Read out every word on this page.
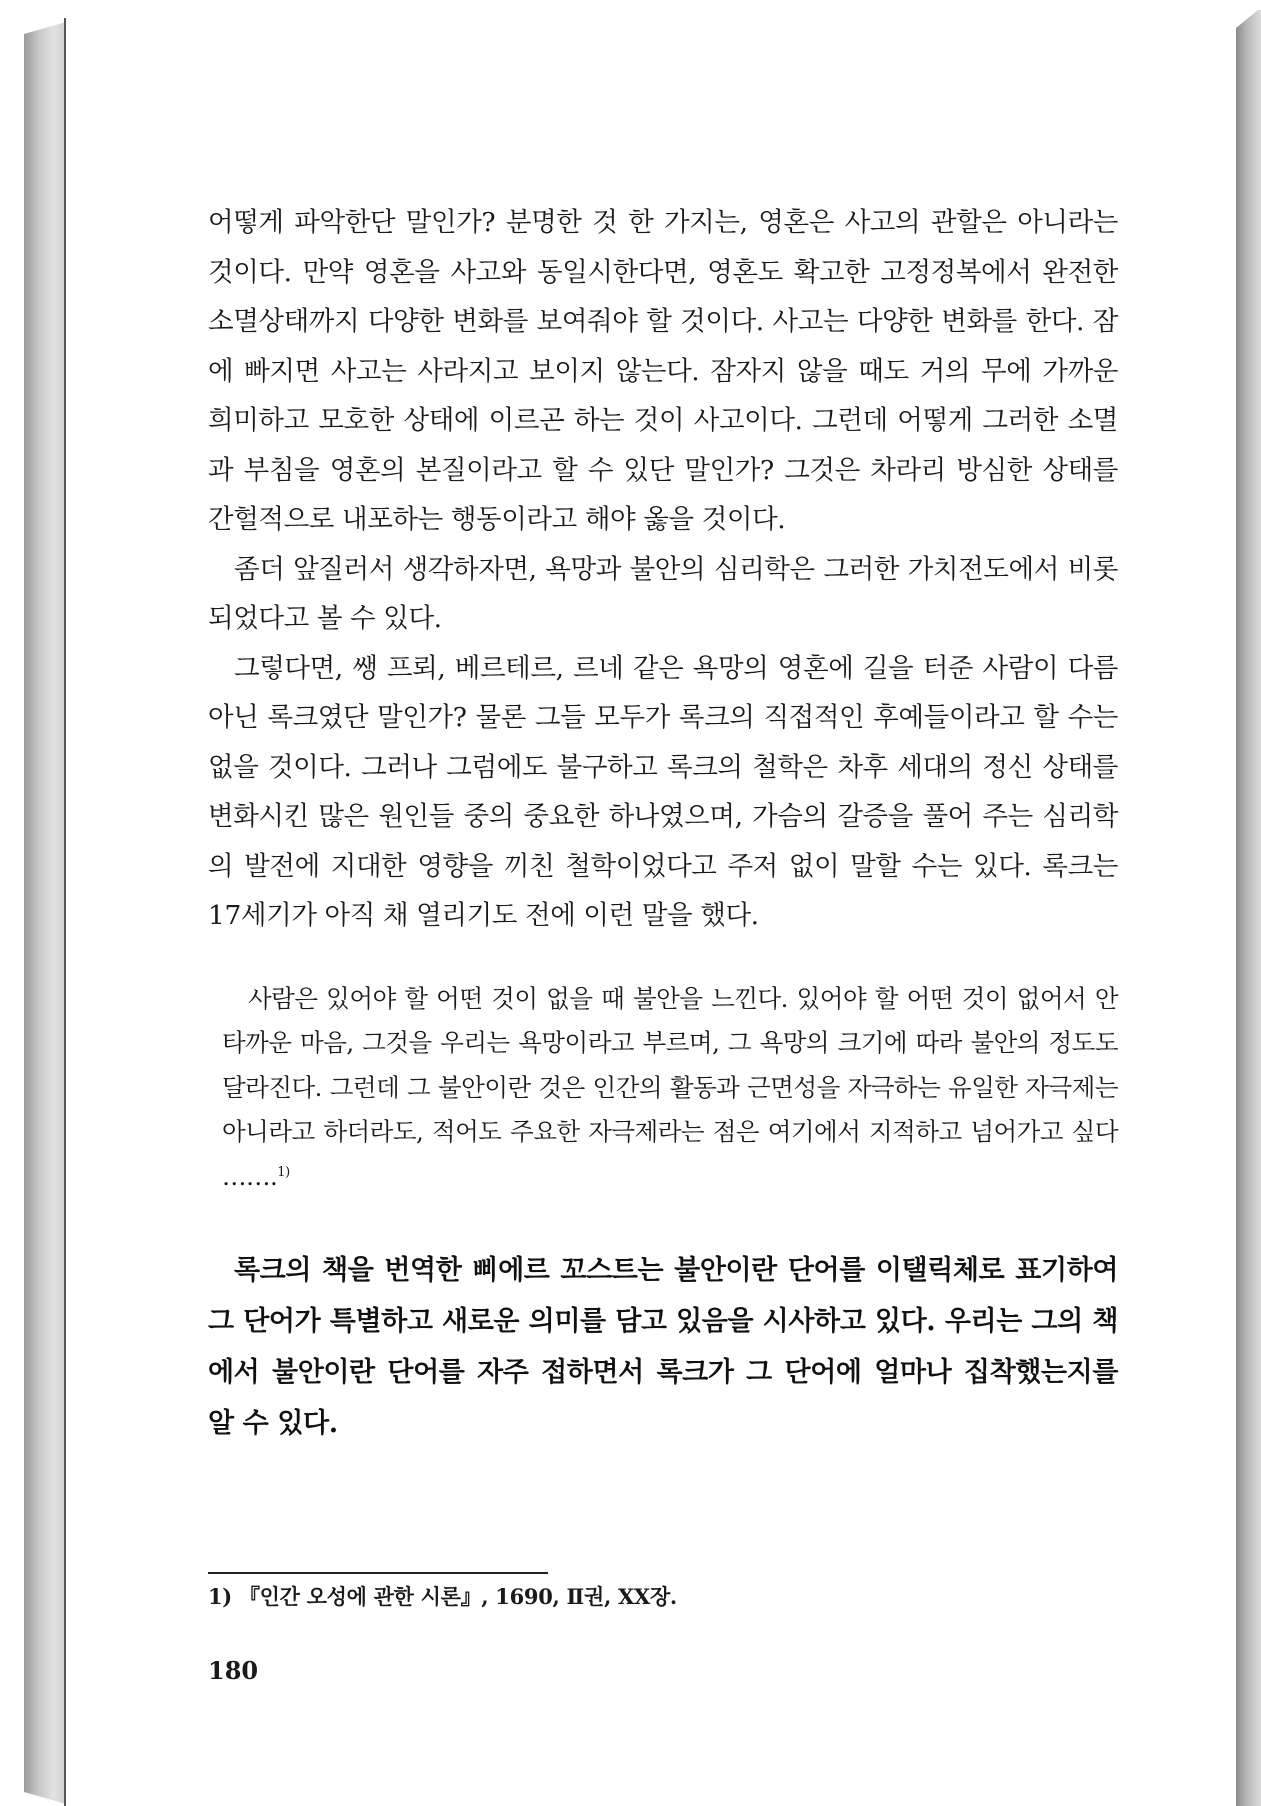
어떻게 파악한단 말인가? 분명한 것 한 가지는, 영혼은 사고의 관할은 아니라는 것이다. 만약 영혼을 사고와 동일시한다면, 영혼도 확고한 고정정복에서 완전한 소멸상태까지 다양한 변화를 보여줘야 할 것이다. 사고는 다양한 변화를 한다. 잠에 빠지면 사고는 사라지고 보이지 않는다. 잠자지 않을 때도 거의 무에 가까운 희미하고 모호한 상태에 이르곤 하는 것이 사고이다. 그런데 어떻게 그러한 소멸과 부침을 영혼의 본질이라고 할 수 있단 말인가? 그것은 차라리 방심한 상태를 간헐적으로 내포하는 행동이라고 해야 옳을 것이다.

좀더 앞질러서 생각하자면, 욕망과 불안의 심리학은 그러한 가치전도에서 비롯되었다고 볼 수 있다.

그렇다면, 쌩 프뢰, 베르테르, 르네 같은 욕망의 영혼에 길을 터준 사람이 다름 아닌 록크였단 말인가? 물론 그들 모두가 록크의 직접적인 후예들이라고 할 수는 없을 것이다. 그러나 그럼에도 불구하고 록크의 철학은 차후 세대의 정신 상태를 변화시킨 많은 원인들 중의 중요한 하나였으며, 가슴의 갈증을 풀어 주는 심리학의 발전에 지대한 영향을 끼친 철학이었다고 주저 없이 말할 수는 있다. 록크는 17세기가 아직 채 열리기도 전에 이런 말을 했다.

사람은 있어야 할 어떤 것이 없을 때 불안을 느낀다. 있어야 할 어떤 것이 없어서 안타까운 마음, 그것을 우리는 욕망이라고 부르며, 그 욕망의 크기에 따라 불안의 정도도 달라진다. 그런데 그 불안이란 것은 인간의 활동과 근면성을 자극하는 유일한 자극제는 아니라고 하더라도, 적어도 주요한 자극제라는 점은 여기에서 지적하고 넘어가고 싶다 …….$^{1)}$

록크의 책을 번역한 삐에르 꼬스트는 불안이란 단어를 이탤릭체로 표기하여 그 단어가 특별하고 새로운 의미를 담고 있음을 시사하고 있다. 우리는 그의 책에서 불안이란 단어를 자주 접하면서 록크가 그 단어에 얼마나 집착했는지를 알 수 있다.

1) 『인간 오성에 관한 시론』, 1690, Ⅱ권, ⅩⅩ장.

180
